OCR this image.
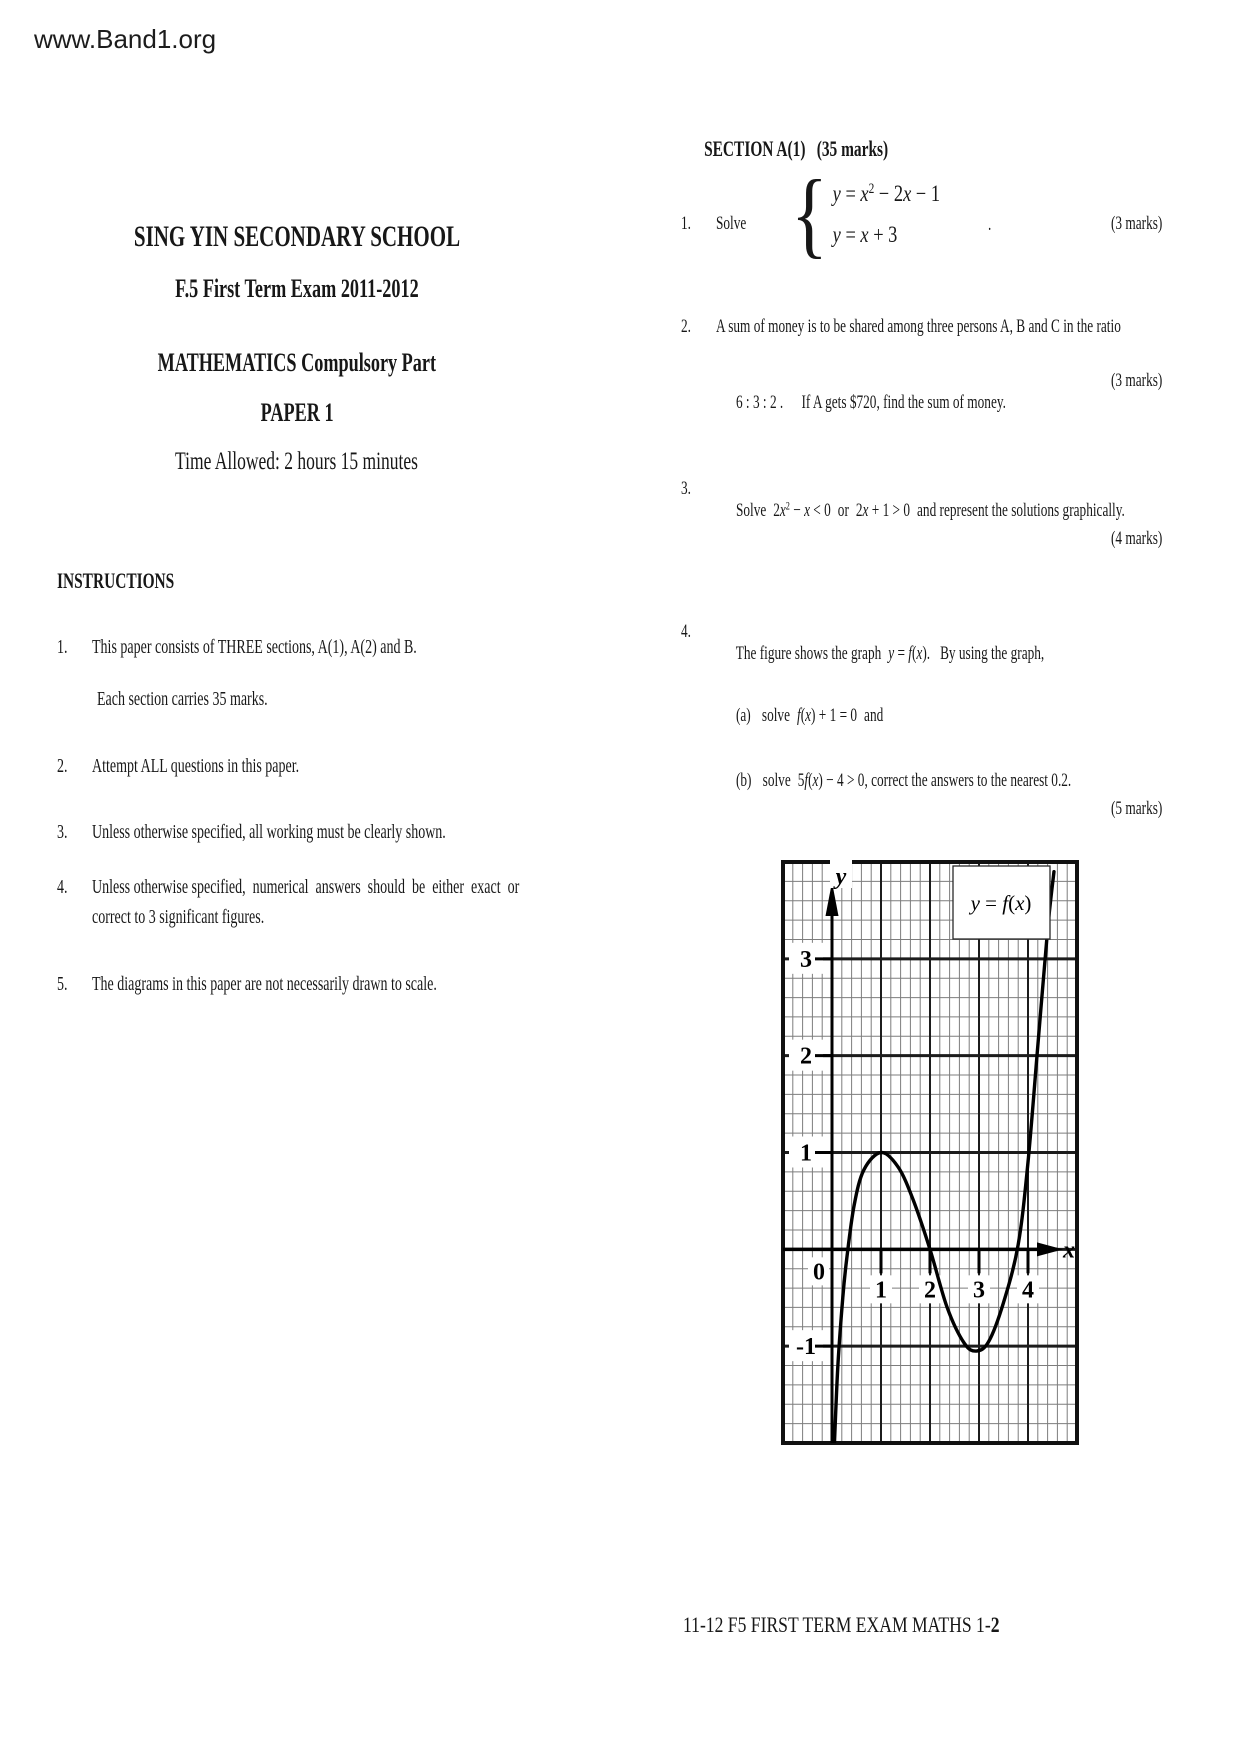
www.Band1.org
SING YIN SECONDARY SCHOOL
F.5 First Term Exam 2011-2012
MATHEMATICS Compulsory Part
PAPER 1
Time Allowed: 2 hours 15 minutes
INSTRUCTIONS
1. This paper consists of THREE sections, A(1), A(2) and B.
Each section carries 35 marks.
2. Attempt ALL questions in this paper.
3. Unless otherwise specified, all working must be clearly shown.
4. Unless otherwise specified,  numerical  answers  should  be  either  exact  or
correct to 3 significant figures.
5. The diagrams in this paper are not necessarily drawn to scale.

SECTION A(1) (35 marks)

1. Solve { $y = x^2 - 2x - 1$
y = x + 3	.	(3 marks)
2. A sum of money is to be shared among three persons A, B and C in the ratio

6 : 3 : 2 . If A gets $720, find the sum of money.

(3 marks)
3.

Solve $2x^2 - x < 0$ or 2x + 1 > 0 and represent the solutions graphically.

(4 marks)
4.

The figure shows the graph y = f(x).   By using the graph,

(a) solve f(x) + 1 = 0 and

(b) solve 5f(x) − 4 > 0, correct the answers to the nearest 0.2.

(5 marks)
-1
1
2
3
1 2 3 4
0
y
x
y = f(x)
11-12 F5 FIRST TERM EXAM MATHS 1-2
